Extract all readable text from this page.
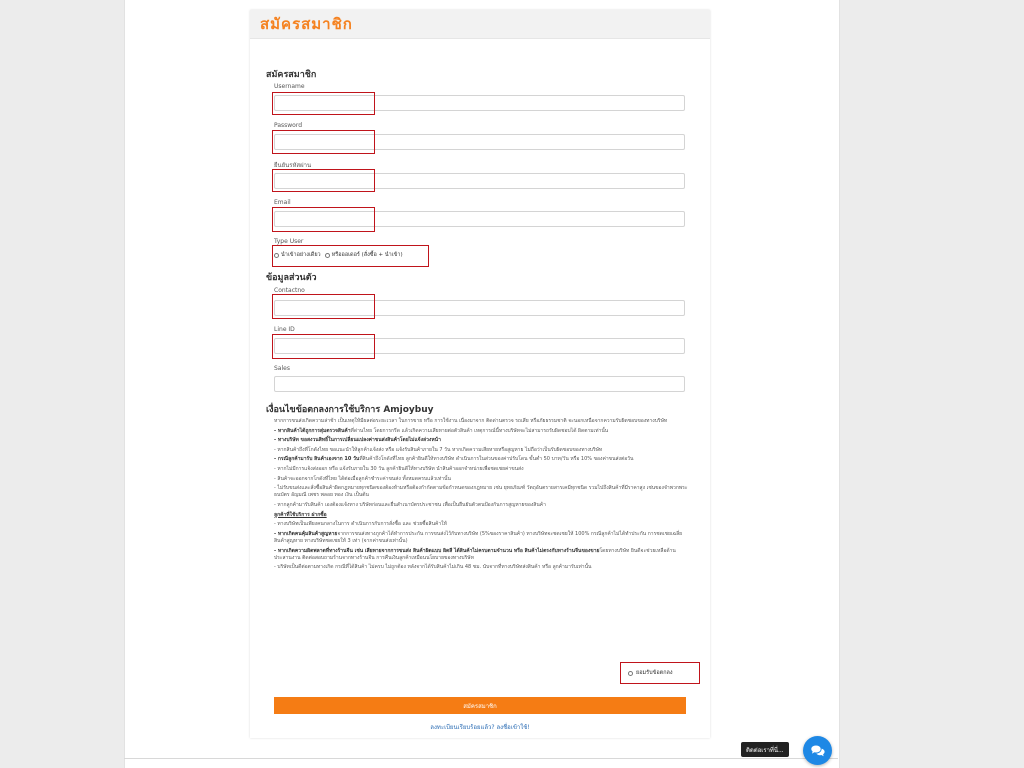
สมัครสมาชิก
สมัครสมาชิก
Username
Password
ยืนยันรหัสผ่าน
Email
Type User
นำเข้าอย่างเดียว หรือออเดอร์ (สั่งซื้อ + นำเข้า)
ข้อมูลส่วนตัว
Contactno
Line ID
Sales
เงื่อนไขข้อตกลงการใช้บริการ Amjoybuy

หากการขนส่งเกิดความล่าช้า เป็นเหตุให้มีผลต่อระยะเวลา ในการขาย หรือ การใช้งาน เนื่องมาจาก ติดด่านตรวจ รถเสีย หรือภัยธรรมชาติ จะนอกเหนือจากความรับผิดชอบของทางบริษัท

- หากสินค้าได้ถูกการสุ่มตรวจสินค้าที่ด่านไทย โดยการกรีด แล้วเกิดความเสียหายต่อตัวสินค้า เหตุการณ์นี้ทางบริษัทจะไม่สามารถรับผิดชอบได้ ผิดตามเท่านั้น

- ทางบริษัท ขอสงวนสิทธิ์ในการเปลี่ยนแปลงค่าขนส่งสินค้าโดยไม่แจ้งล่วงหน้า

- หากสินค้าถึงที่โกดังไทย ขอแนะนำให้ลูกค้าแจ้งส่ง หรือ แจ้งรับสินค้าภายใน 7 วัน หากเกิดความเสียหายหรือสูญหาย ไม่ถือว่าเป็นรับผิดชอบของทางบริษัท

- กรณีลูกค้ามารับ สินค้าเองจาก 10 วันที่สินค้าถึงโกดังที่ไทย ลูกค้ายินดีให้ทางบริษัท ดำเนินการในส่วนของค่าปรับโดน ขั้นต่ำ 50 บาท/วัน หรือ 10% ของค่าขนส่งต่อวัน

- หากไม่มีการแจ้งส่งออก หรือ แจ้งรับภายใน 30 วัน ลูกค้ายินดีให้ทางบริษัท นำสินค้าออกจำหน่ายเพื่อชดเชยค่าขนส่ง

- สินค้าจะออกจากโกดังที่ไทย ได้ต่อเมื่อลูกค้าชำระค่าขนส่ง ทั้งหมดครบแล้วเท่านั้น

- ไม่รับขนส่งและสั่งซื้อสินค้าผิดกฎหมายทุกชนิดของต้องห้ามหรือต้องกำกัดตามข้อกำหนดของกฎหมาย เช่น ยุทธภัณฑ์ วัตถุอันตรายสารเคมีทุกชนิด รวมไปถึงสินค้าที่มีราคาสูง เช่นของจำพวกพระ ธนบัตร อัญมณี เพชร พลอย ทอง เงิน เป็นต้น

- หากลูกค้ามารับสินค้า เองต้องแจ้งทาง บริษัทก่อนและยื่นสำเนาบัตรประชาชน เพื่อเป็นยืนยันตัวตนป้องกันการสูญหายของสินค้า

ลูกค้าที่ใช้บริการ ฝากซื้อ

- ทางบริษัทเป็นเพียงคนกลางในการ ดำเนินการกับการสั่งซื้อ และ ช่วยซื้อสินค้าให้

- หากเกิดคนคุ้มสินค้าสูญหายจากการขนส่งทางภูกค้าได้ทำการประกัน การขนส่งไว้กับทางบริษัท (5%ของราคาสินค้า) ทางบริษัทจะชดเชยให้ 100% กรณีลูกค้าไม่ได้ทำประกัน การชดเชยเฉลี่ย สินค้าสูญหาย ทางบริษัทชดเชยให้ 3 เท่า (จากค่าขนส่งเท่านั้น)

- หากเกิดความผิดพลาดที่ทางร้านจีน เช่น เสียหายจากการขนส่ง สินค้าผิดแบบ ผิดสี ได้สินค้าไม่ครบตามจำนวน หรือ สินค้าไม่ตรงกับทางร้านจีนของขายโดยทางบริษัท ยินดีจะช่วยเหลือด้านประสานงาน ติดต่อสอบถามร้านจากทางร้านจีน การคืนเงินลูกค้าเหมือนนโยบายของทางบริษัท

- บริษัทเป็นดีต่อตามทางเกิด กรณีที่ได้สินค้า ไม่ครบ ไม่ถูกต้อง หลังจากได้รับสินค้าไม่เกิน 48 ชม. นับจากที่ทางบริษัทส่งสินค้า หรือ ลูกค้ามารับเท่านั้น

ยอมรับข้อตกลง
สมัครสมาชิก
ลงทะเบียนเรียบร้อยแล้ว? ลงชื่อเข้าใช้!
ติดต่อเราที่นี่...
